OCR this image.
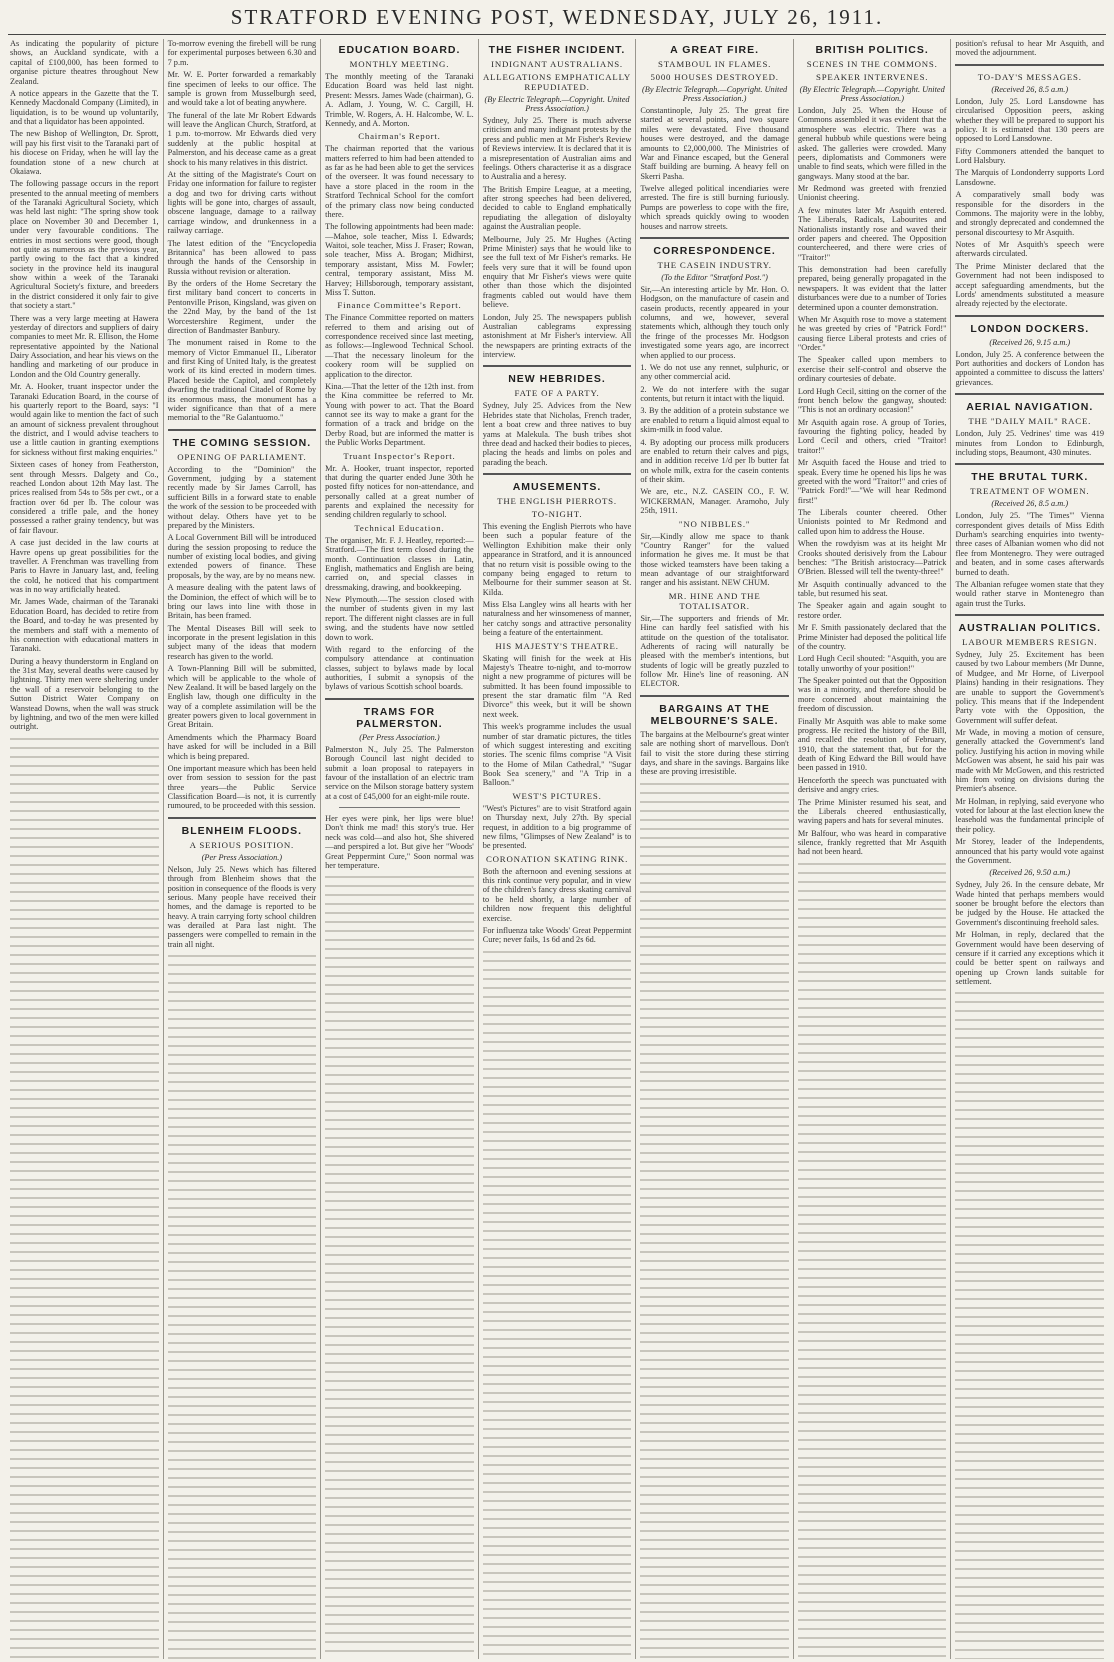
STRATFORD EVENING POST, WEDNESDAY, JULY 26, 1911.

As indicating the popularity of picture shows, an Auckland syndicate, with a capital of £100,000, has been formed to organise picture theatres throughout New Zealand.

A notice appears in the Gazette that the T. Kennedy Macdonald Company (Limited), in liquidation, is to be wound up voluntarily, and that a liquidator has been appointed.

The new Bishop of Wellington, Dr. Sprott, will pay his first visit to the Taranaki part of his diocese on Friday, when he will lay the foundation stone of a new church at Okaiawa.

The following passage occurs in the report presented to the annual meeting of members of the Taranaki Agricultural Society, which was held last night: "The spring show took place on November 30 and December 1, under very favourable conditions. The entries in most sections were good, though not quite as numerous as the previous year, partly owing to the fact that a kindred society in the province held its inaugural show within a week of the Taranaki Agricultural Society's fixture, and breeders in the district considered it only fair to give that society a start."

There was a very large meeting at Hawera yesterday of directors and suppliers of dairy companies to meet Mr. R. Ellison, the Home representative appointed by the National Dairy Association, and hear his views on the handling and marketing of our produce in London and the Old Country generally.

Mr. A. Hooker, truant inspector under the Taranaki Education Board, in the course of his quarterly report to the Board, says: "I would again like to mention the fact of such an amount of sickness prevalent throughout the district, and I would advise teachers to use a little caution in granting exemptions for sickness without first making enquiries."

Sixteen cases of honey from Featherston, sent through Messrs. Dalgety and Co., reached London about 12th May last. The prices realised from 54s to 58s per cwt., or a fraction over 6d per lb. The colour was considered a trifle pale, and the honey possessed a rather grainy tendency, but was of fair flavour.

A case just decided in the law courts at Havre opens up great possibilities for the traveller. A Frenchman was travelling from Paris to Havre in January last, and, feeling the cold, he noticed that his compartment was in no way artificially heated.

Mr. James Wade, chairman of the Taranaki Education Board, has decided to retire from the Board, and to-day he was presented by the members and staff with a memento of his connection with educational matters in Taranaki.

During a heavy thunderstorm in England on the 31st May, several deaths were caused by lightning. Thirty men were sheltering under the wall of a reservoir belonging to the Sutton District Water Company on Wanstead Downs, when the wall was struck by lightning, and two of the men were killed outright.

To-morrow evening the firebell will be rung for experimental purposes between 6.30 and 7 p.m.

Mr. W. E. Porter forwarded a remarkably fine specimen of leeks to our office. The sample is grown from Musselburgh seed, and would take a lot of beating anywhere.

The funeral of the late Mr Robert Edwards will leave the Anglican Church, Stratford, at 1 p.m. to-morrow. Mr Edwards died very suddenly at the public hospital at Palmerston, and his decease came as a great shock to his many relatives in this district.

At the sitting of the Magistrate's Court on Friday one information for failure to register a dog and two for driving carts without lights will be gone into, charges of assault, obscene language, damage to a railway carriage window, and drunkenness in a railway carriage.

The latest edition of the "Encyclopedia Britannica" has been allowed to pass through the hands of the Censorship in Russia without revision or alteration.

By the orders of the Home Secretary the first military band concert to concerts in Pentonville Prison, Kingsland, was given on the 22nd May, by the band of the 1st Worcestershire Regiment, under the direction of Bandmaster Banbury.

The monument raised in Rome to the memory of Victor Emmanuel II., Liberator and first King of United Italy, is the greatest work of its kind erected in modern times. Placed beside the Capitol, and completely dwarfing the traditional Citadel of Rome by its enormous mass, the monument has a wider significance than that of a mere memorial to the "Re Galantuomo."

THE COMING SESSION.
OPENING OF PARLIAMENT.

According to the "Dominion" the Government, judging by a statement recently made by Sir James Carroll, has sufficient Bills in a forward state to enable the work of the session to be proceeded with without delay. Others have yet to be prepared by the Ministers.

A Local Government Bill will be introduced during the session proposing to reduce the number of existing local bodies, and giving extended powers of finance. These proposals, by the way, are by no means new.

A measure dealing with the patent laws of the Dominion, the effect of which will be to bring our laws into line with those in Britain, has been framed.

The Mental Diseases Bill will seek to incorporate in the present legislation in this subject many of the ideas that modern research has given to the world.

A Town-Planning Bill will be submitted, which will be applicable to the whole of New Zealand. It will be based largely on the English law, though one difficulty in the way of a complete assimilation will be the greater powers given to local government in Great Britain.

Amendments which the Pharmacy Board have asked for will be included in a Bill which is being prepared.

One important measure which has been held over from session to session for the past three years—the Public Service Classification Board—is not, it is currently rumoured, to be proceeded with this session.

BLENHEIM FLOODS.
A SERIOUS POSITION.
(Per Press Association.)

Nelson, July 25. News which has filtered through from Blenheim shows that the position in consequence of the floods is very serious. Many people have received their homes, and the damage is reported to be heavy. A train carrying forty school children was derailed at Para last night. The passengers were compelled to remain in the train all night.

EDUCATION BOARD.
MONTHLY MEETING.

The monthly meeting of the Taranaki Education Board was held last night. Present: Messrs. James Wade (chairman), G. A. Adlam, J. Young, W. C. Cargill, H. Trimble, W. Rogers, A. H. Halcombe, W. L. Kennedy, and A. Morton.

Chairman's Report.

The chairman reported that the various matters referred to him had been attended to as far as he had been able to get the services of the overseer. It was found necessary to have a store placed in the room in the Stratford Technical School for the comfort of the primary class now being conducted there.

The following appointments had been made:—Mahoe, sole teacher, Miss I. Edwards; Waitoi, sole teacher, Miss J. Fraser; Rowan, sole teacher, Miss A. Brogan; Midhirst, temporary assistant, Miss M. Fowler; central, temporary assistant, Miss M. Harvey; Hillsborough, temporary assistant, Miss T. Sutton.

Finance Committee's Report.

The Finance Committee reported on matters referred to them and arising out of correspondence received since last meeting, as follows:—Inglewood Technical School.—That the necessary linoleum for the cookery room will be supplied on application to the director.

Kina.—That the letter of the 12th inst. from the Kina committee be referred to Mr. Young with power to act. That the Board cannot see its way to make a grant for the formation of a track and bridge on the Derby Road, but are informed the matter is the Public Works Department.

Truant Inspector's Report.

Mr. A. Hooker, truant inspector, reported that during the quarter ended June 30th he posted fifty notices for non-attendance, and personally called at a great number of parents and explained the necessity for sending children regularly to school.

Technical Education.

The organiser, Mr. F. J. Heatley, reported:— Stratford.—The first term closed during the month. Continuation classes in Latin, English, mathematics and English are being carried on, and special classes in dressmaking, drawing, and bookkeeping.

New Plymouth.—The session closed with the number of students given in my last report. The different night classes are in full swing, and the students have now settled down to work.

With regard to the enforcing of the compulsory attendance at continuation classes, subject to bylaws made by local authorities, I submit a synopsis of the bylaws of various Scottish school boards.

TRAMS FOR PALMERSTON.
(Per Press Association.)

Palmerston N., July 25. The Palmerston Borough Council last night decided to submit a loan proposal to ratepayers in favour of the installation of an electric tram service on the Milson storage battery system at a cost of £45,000 for an eight-mile route.

Her eyes were pink, her lips were blue! Don't think me mad! this story's true. Her neck was cold—and also hot, She shivered—and perspired a lot. But give her "Woods' Great Peppermint Cure," Soon normal was her temperature.

THE FISHER INCIDENT.
INDIGNANT AUSTRALIANS.
ALLEGATIONS EMPHATICALLY REPUDIATED.
(By Electric Telegraph.—Copyright. United Press Association.)

Sydney, July 25. There is much adverse criticism and many indignant protests by the press and public men at Mr Fisher's Review of Reviews interview. It is declared that it is a misrepresentation of Australian aims and feelings. Others characterise it as a disgrace to Australia and a heresy.

The British Empire League, at a meeting, after strong speeches had been delivered, decided to cable to England emphatically repudiating the allegation of disloyalty against the Australian people.

Melbourne, July 25. Mr Hughes (Acting Prime Minister) says that he would like to see the full text of Mr Fisher's remarks. He feels very sure that it will be found upon enquiry that Mr Fisher's views were quite other than those which the disjointed fragments cabled out would have them believe.

London, July 25. The newspapers publish Australian cablegrams expressing astonishment at Mr Fisher's interview. All the newspapers are printing extracts of the interview.

NEW HEBRIDES.
FATE OF A PARTY.

Sydney, July 25. Advices from the New Hebrides state that Nicholas, French trader, lent a boat crew and three natives to buy yams at Malekula. The bush tribes shot three dead and hacked their bodies to pieces, placing the heads and limbs on poles and parading the beach.

AMUSEMENTS.
THE ENGLISH PIERROTS.
TO-NIGHT.

This evening the English Pierrots who have been such a popular feature of the Wellington Exhibition make their only appearance in Stratford, and it is announced that no return visit is possible owing to the company being engaged to return to Melbourne for their summer season at St. Kilda.

Miss Elsa Langley wins all hearts with her naturalness and her winsomeness of manner, her catchy songs and attractive personality being a feature of the entertainment.

HIS MAJESTY'S THEATRE.

Skating will finish for the week at His Majesty's Theatre to-night, and to-morrow night a new programme of pictures will be submitted. It has been found impossible to present the star dramatic film "A Red Divorce" this week, but it will be shown next week.

This week's programme includes the usual number of star dramatic pictures, the titles of which suggest interesting and exciting stories. The scenic films comprise "A Visit to the Home of Milan Cathedral," "Sugar Book Sea scenery," and "A Trip in a Balloon."

WEST'S PICTURES.

"West's Pictures" are to visit Stratford again on Thursday next, July 27th. By special request, in addition to a big programme of new films, "Glimpses of New Zealand" is to be presented.

CORONATION SKATING RINK.

Both the afternoon and evening sessions at this rink continue very popular, and in view of the children's fancy dress skating carnival to be held shortly, a large number of children now frequent this delightful exercise.

For influenza take Woods' Great Peppermint Cure; never fails, 1s 6d and 2s 6d.

A GREAT FIRE.
STAMBOUL IN FLAMES.
5000 HOUSES DESTROYED.
(By Electric Telegraph.—Copyright. United Press Association.)

Constantinople, July 25. The great fire started at several points, and two square miles were devastated. Five thousand houses were destroyed, and the damage amounts to £2,000,000. The Ministries of War and Finance escaped, but the General Staff building are burning. A heavy fell on Skerri Pasha.

Twelve alleged political incendiaries were arrested. The fire is still burning furiously. Pumps are powerless to cope with the fire, which spreads quickly owing to wooden houses and narrow streets.

CORRESPONDENCE.
THE CASEIN INDUSTRY.
(To the Editor "Stratford Post.")

Sir,—An interesting article by Mr. Hon. O. Hodgson, on the manufacture of casein and casein products, recently appeared in your columns, and we, however, several statements which, although they touch only the fringe of the processes Mr. Hodgson investigated some years ago, are incorrect when applied to our process.

1. We do not use any rennet, sulphuric, or any other commercial acid.

2. We do not interfere with the sugar contents, but return it intact with the liquid.

3. By the addition of a protein substance we are enabled to return a liquid almost equal to skim-milk in food value.

4. By adopting our process milk producers are enabled to return their calves and pigs, and in addition receive 1/d per lb butter fat on whole milk, extra for the casein contents of their skim.

We are, etc., N.Z. CASEIN CO., F. W. WICKERMAN, Manager. Aramoho, July 25th, 1911.

"NO NIBBLES."

Sir,—Kindly allow me space to thank "Country Ranger" for the valued information he gives me. It must be that those wicked teamsters have been taking a mean advantage of our straightforward ranger and his assistant. NEW CHUM.

MR. HINE AND THE TOTALISATOR.

Sir,—The supporters and friends of Mr. Hine can hardly feel satisfied with his attitude on the question of the totalisator. Adherents of racing will naturally be pleased with the member's intentions, but students of logic will be greatly puzzled to follow Mr. Hine's line of reasoning. AN ELECTOR.

BARGAINS AT THE MELBOURNE'S SALE.

The bargains at the Melbourne's great winter sale are nothing short of marvellous. Don't fail to visit the store during these stirring days, and share in the savings. Bargains like these are proving irresistible.

BRITISH POLITICS.
SCENES IN THE COMMONS.
SPEAKER INTERVENES.
(By Electric Telegraph.—Copyright. United Press Association.)

London, July 25. When the House of Commons assembled it was evident that the atmosphere was electric. There was a general hubbub while questions were being asked. The galleries were crowded. Many peers, diplomatists and Commoners were unable to find seats, which were filled in the gangways. Many stood at the bar.

Mr Redmond was greeted with frenzied Unionist cheering.

A few minutes later Mr Asquith entered. The Liberals, Radicals, Labourites and Nationalists instantly rose and waved their order papers and cheered. The Opposition countercheered, and there were cries of "Traitor!"

This demonstration had been carefully prepared, being generally propagated in the newspapers. It was evident that the latter disturbances were due to a number of Tories determined upon a counter demonstration.

When Mr Asquith rose to move a statement he was greeted by cries of "Patrick Ford!" causing fierce Liberal protests and cries of "Order."

The Speaker called upon members to exercise their self-control and observe the ordinary courtesies of debate.

Lord Hugh Cecil, sitting on the corner of the front bench below the gangway, shouted: "This is not an ordinary occasion!"

Mr Asquith again rose. A group of Tories, favouring the fighting policy, headed by Lord Cecil and others, cried "Traitor! traitor!"

Mr Asquith faced the House and tried to speak. Every time he opened his lips he was greeted with the word "Traitor!" and cries of "Patrick Ford!"—"We will hear Redmond first!"

The Liberals counter cheered. Other Unionists pointed to Mr Redmond and called upon him to address the House.

When the rowdyism was at its height Mr Crooks shouted derisively from the Labour benches: "The British aristocracy—Patrick O'Brien. Blessed will tell the twenty-three!"

Mr Asquith continually advanced to the table, but resumed his seat.

The Speaker again and again sought to restore order.

Mr F. Smith passionately declared that the Prime Minister had deposed the political life of the country.

Lord Hugh Cecil shouted: "Asquith, you are totally unworthy of your position!"

The Speaker pointed out that the Opposition was in a minority, and therefore should be more concerned about maintaining the freedom of discussion.

Finally Mr Asquith was able to make some progress. He recited the history of the Bill, and recalled the resolution of February, 1910, that the statement that, but for the death of King Edward the Bill would have been passed in 1910.

Henceforth the speech was punctuated with derisive and angry cries.

The Prime Minister resumed his seat, and the Liberals cheered enthusiastically, waving papers and hats for several minutes.

Mr Balfour, who was heard in comparative silence, frankly regretted that Mr Asquith had not been heard.

position's refusal to hear Mr Asquith, and moved the adjournment.

TO-DAY'S MESSAGES.
(Received 26, 8.5 a.m.)

London, July 25. Lord Lansdowne has circularised Opposition peers, asking whether they will be prepared to support his policy. It is estimated that 130 peers are opposed to Lord Lansdowne.

Fifty Commoners attended the banquet to Lord Halsbury.

The Marquis of Londonderry supports Lord Lansdowne.

A comparatively small body was responsible for the disorders in the Commons. The majority were in the lobby, and strongly deprecated and condemned the personal discourtesy to Mr Asquith.

Notes of Mr Asquith's speech were afterwards circulated.

The Prime Minister declared that the Government had not been indisposed to accept safeguarding amendments, but the Lords' amendments substituted a measure already rejected by the electorate.

LONDON DOCKERS.
(Received 26, 9.15 a.m.)

London, July 25. A conference between the Port authorities and dockers of London has appointed a committee to discuss the latters' grievances.

AERIAL NAVIGATION.
THE "DAILY MAIL" RACE.

London, July 25. Vedrines' time was 419 minutes from London to Edinburgh, including stops, Beaumont, 430 minutes.

THE BRUTAL TURK.
TREATMENT OF WOMEN.
(Received 26, 8.5 a.m.)

London, July 25. "The Times'" Vienna correspondent gives details of Miss Edith Durham's searching enquiries into twenty-three cases of Albanian women who did not flee from Montenegro. They were outraged and beaten, and in some cases afterwards burned to death.

The Albanian refugee women state that they would rather starve in Montenegro than again trust the Turks.

AUSTRALIAN POLITICS.
LABOUR MEMBERS RESIGN.

Sydney, July 25. Excitement has been caused by two Labour members (Mr Dunne, of Mudgee, and Mr Horne, of Liverpool Plains) handing in their resignations. They are unable to support the Government's policy. This means that if the Independent Party vote with the Opposition, the Government will suffer defeat.

Mr Wade, in moving a motion of censure, generally attacked the Government's land policy. Justifying his action in moving while McGowen was absent, he said his pair was made with Mr McGowen, and this restricted him from voting on divisions during the Premier's absence.

Mr Holman, in replying, said everyone who voted for labour at the last election knew the leasehold was the fundamental principle of their policy.

Mr Storey, leader of the Independents, announced that his party would vote against the Government.

(Received 26, 9.50 a.m.)

Sydney, July 26. In the censure debate, Mr Wade hinted that perhaps members would sooner be brought before the electors than be judged by the House. He attacked the Government's discontinuing freehold sales.

Mr Holman, in reply, declared that the Government would have been deserving of censure if it carried any exceptions which it could be better spent on railways and opening up Crown lands suitable for settlement.
